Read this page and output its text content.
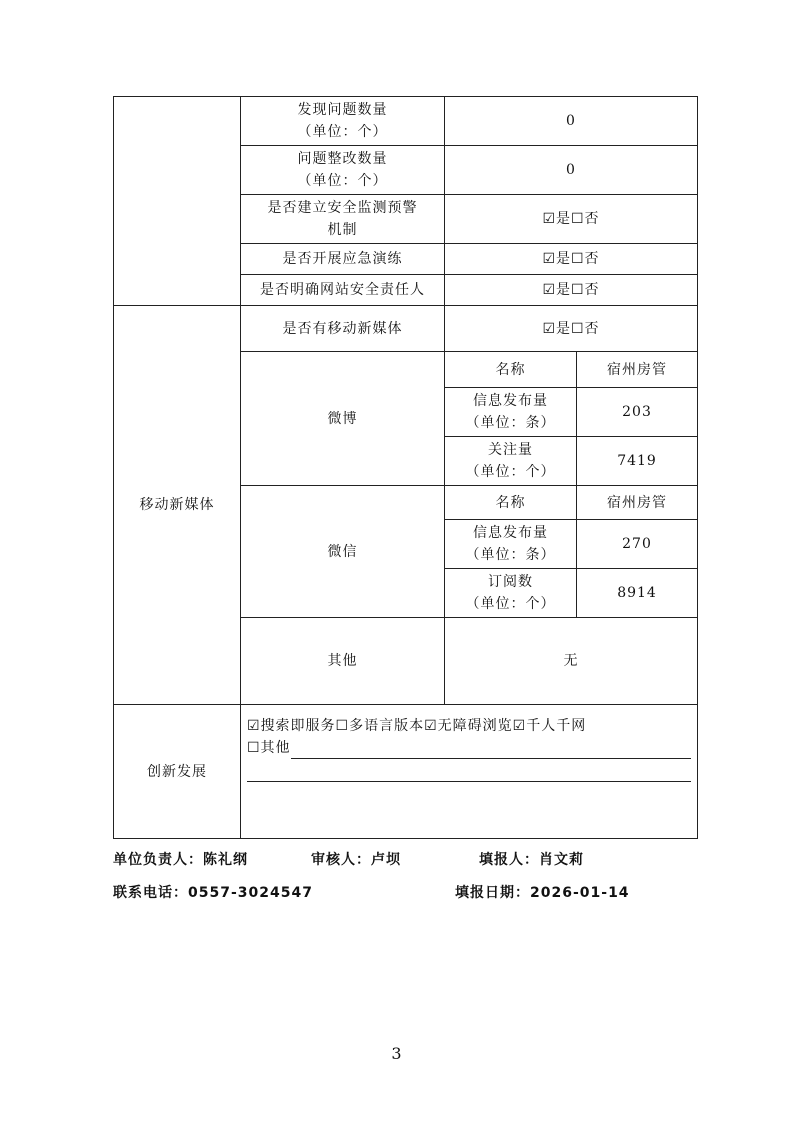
	发现问题数量
（单位：个）	0	

	问题整改数量
（单位：个）	0	

	是否建立安全监测预警
机制	☑是☐否	
	是否开展应急演练	☑是☐否	
	是否明确网站安全责任人	☑是☐否	
移动新媒体	是否有移动新媒体	☑是☐否	
	微博	名称	宿州房管

		信息发布量
（单位：条）	203

		关注量
（单位：个）	7419
	微信	名称	宿州房管

		信息发布量
（单位：条）	270

		订阅数
（单位：个）	8914
	其他	无	
创新发展	☑搜索即服务☐多语言版本☑无障碍浏览☑千人千网
☐其他		
单位负责人：陈礼纲	审核人：卢坝	填报人：肖文莉
联系电话：0557-3024547	填报日期：2026-01-14
3
